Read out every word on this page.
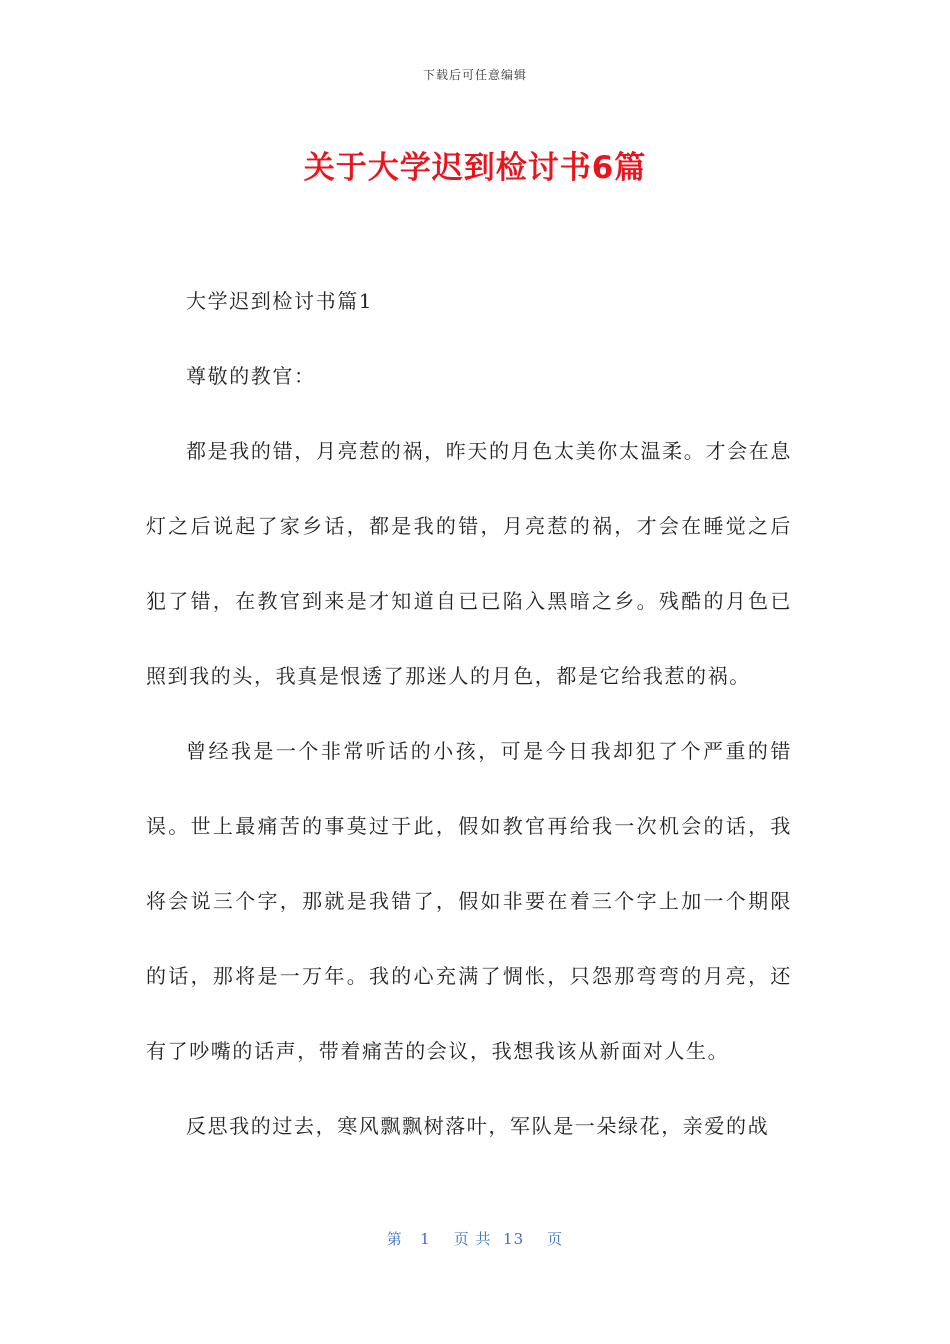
下载后可任意编辑
关于大学迟到检讨书6篇

大学迟到检讨书篇1

尊敬的教官：

都是我的错，月亮惹的祸，昨天的月色太美你太温柔。才会在息灯之后说起了家乡话，都是我的错，月亮惹的祸，才会在睡觉之后犯了错，在教官到来是才知道自已已陷入黑暗之乡。残酷的月色已照到我的头，我真是恨透了那迷人的月色，都是它给我惹的祸。

曾经我是一个非常听话的小孩，可是今日我却犯了个严重的错误。世上最痛苦的事莫过于此，假如教官再给我一次机会的话，我将会说三个字，那就是我错了，假如非要在着三个字上加一个期限的话，那将是一万年。我的心充满了惆怅，只怨那弯弯的月亮，还有了吵嘴的话声，带着痛苦的会议，我想我该从新面对人生。

反思我的过去，寒风飘飘树落叶，军队是一朵绿花，亲爱的战

第   1    页 共  13    页
